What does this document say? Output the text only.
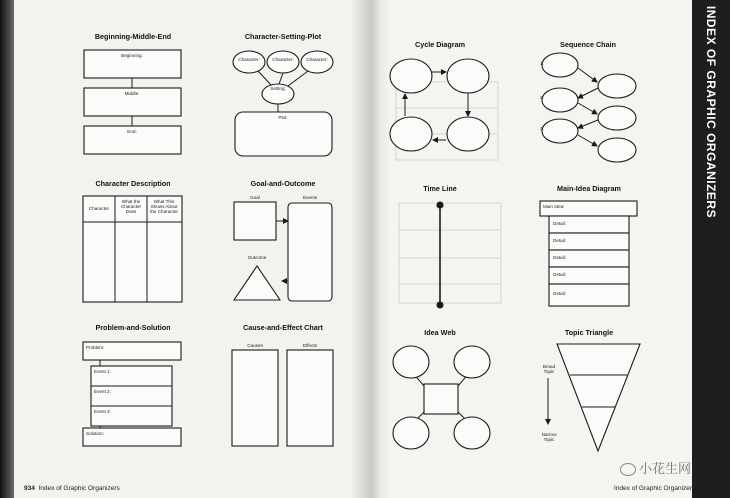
INDEX OF GRAPHIC ORGANIZERS
Beginning-Middle-End	Character-Setting-Plot
Character Description	Goal-and-Outcome
Problem-and-Solution	Cause-and-Effect Chart
Cycle Diagram	Sequence Chain
Time Line	Main-Idea Diagram
Idea Web	Topic Triangle
Beginning:
Middle:
End:
Character:	Character:	Character:
Setting:
Plot:
Character
What the Character Does
What This Shows About the Character
Goal	Events
Outcome
Problem:
Event 1:
Event 2:
Event 3:
Solution:
Causes	Effects
1.
2.
3.
a.
b.
c.
Main Idea:
Detail:
Detail:
Detail:
Detail:
Detail:
Broad Topic
Narrow Topic
934 Index of Graphic Organizers	Index of Graphic Organizers 935
小花生网
